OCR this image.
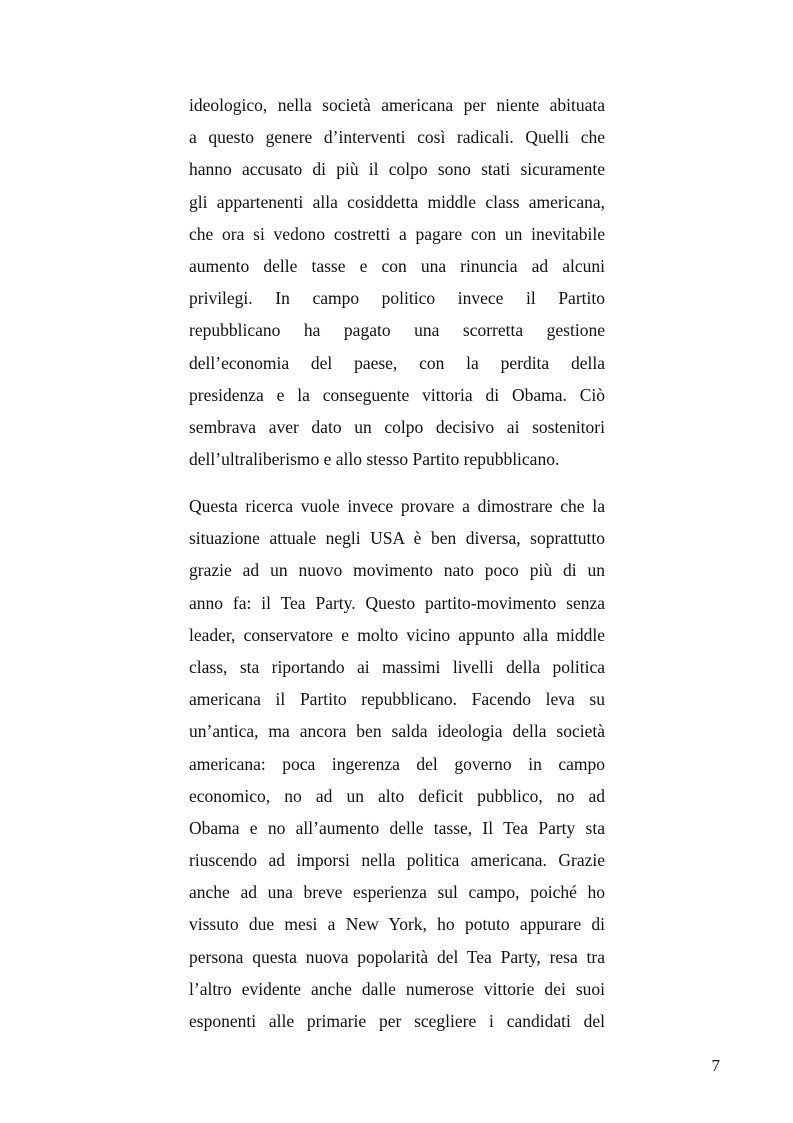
ideologico, nella società americana per niente abituata
a questo genere d’interventi così radicali. Quelli che
hanno accusato di più il colpo sono stati sicuramente
gli appartenenti alla cosiddetta middle class americana,
che ora si vedono costretti a pagare con un inevitabile
aumento delle tasse e con una rinuncia ad alcuni
privilegi. In campo politico invece il Partito
repubblicano ha pagato una scorretta gestione
dell’economia del paese, con la perdita della
presidenza e la conseguente vittoria di Obama. Ciò
sembrava aver dato un colpo decisivo ai sostenitori
dell’ultraliberismo e allo stesso Partito repubblicano.
Questa ricerca vuole invece provare a dimostrare che la
situazione attuale negli USA è ben diversa, soprattutto
grazie ad un nuovo movimento nato poco più di un
anno fa: il Tea Party. Questo partito-movimento senza
leader, conservatore e molto vicino appunto alla middle
class, sta riportando ai massimi livelli della politica
americana il Partito repubblicano. Facendo leva su
un’antica, ma ancora ben salda ideologia della società
americana: poca ingerenza del governo in campo
economico, no ad un alto deficit pubblico, no ad
Obama e no all’aumento delle tasse, Il Tea Party sta
riuscendo ad imporsi nella politica americana. Grazie
anche ad una breve esperienza sul campo, poiché ho
vissuto due mesi a New York, ho potuto appurare di
persona questa nuova popolarità del Tea Party, resa tra
l’altro evidente anche dalle numerose vittorie dei suoi
esponenti alle primarie per scegliere i candidati del
7
